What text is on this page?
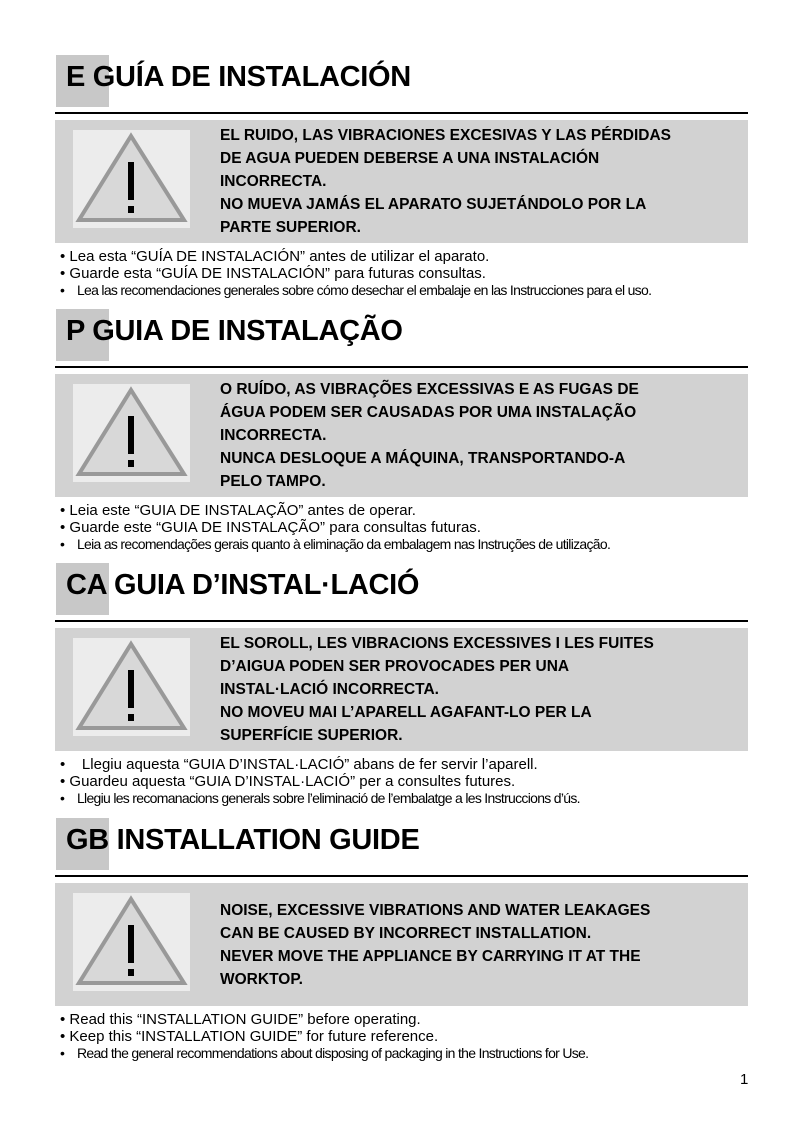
1
E GUÍA DE INSTALACIÓN
EL RUIDO, LAS VIBRACIONES EXCESIVAS Y LAS PÉRDIDAS
DE AGUA PUEDEN DEBERSE A UNA INSTALACIÓN
INCORRECTA.
NO MUEVA JAMÁS EL APARATO SUJETÁNDOLO POR LA
PARTE SUPERIOR.
• Lea esta “GUÍA DE INSTALACIÓN” antes de utilizar el aparato.
• Guarde esta “GUÍA DE INSTALACIÓN” para futuras consultas.
•    Lea las recomendaciones generales sobre cómo desechar el embalaje en las Instrucciones para el uso.
P GUIA DE INSTALAÇÃO
O RUÍDO, AS VIBRAÇÕES EXCESSIVAS E AS FUGAS DE
ÁGUA PODEM SER CAUSADAS POR UMA INSTALAÇÃO
INCORRECTA.
NUNCA DESLOQUE A MÁQUINA, TRANSPORTANDO-A
PELO TAMPO.
• Leia este “GUIA DE INSTALAÇÃO” antes de operar.
• Guarde este “GUIA DE INSTALAÇÃO” para consultas futuras.
•    Leia as recomendações gerais quanto à eliminação da embalagem nas Instruções de utilização.
CA GUIA D’INSTAL·LACIÓ
EL SOROLL, LES VIBRACIONS EXCESSIVES I LES FUITES
D’AIGUA PODEN SER PROVOCADES PER UNA
INSTAL·LACIÓ INCORRECTA.
NO MOVEU MAI L’APARELL AGAFANT-LO PER LA
SUPERFÍCIE SUPERIOR.
•    Llegiu aquesta “GUIA D’INSTAL·LACIÓ” abans de fer servir l’aparell.
• Guardeu aquesta “GUIA D’INSTAL·LACIÓ” per a consultes futures.
•    Llegiu les recomanacions generals sobre l’eliminació de l’embalatge a les Instruccions d’ús.
GB INSTALLATION GUIDE
NOISE, EXCESSIVE VIBRATIONS AND WATER LEAKAGES
CAN BE CAUSED BY INCORRECT INSTALLATION.
NEVER MOVE THE APPLIANCE BY CARRYING IT AT THE
WORKTOP.
• Read this “INSTALLATION GUIDE” before operating.
• Keep this “INSTALLATION GUIDE” for future reference.
•    Read the general recommendations about disposing of packaging in the Instructions for Use.
